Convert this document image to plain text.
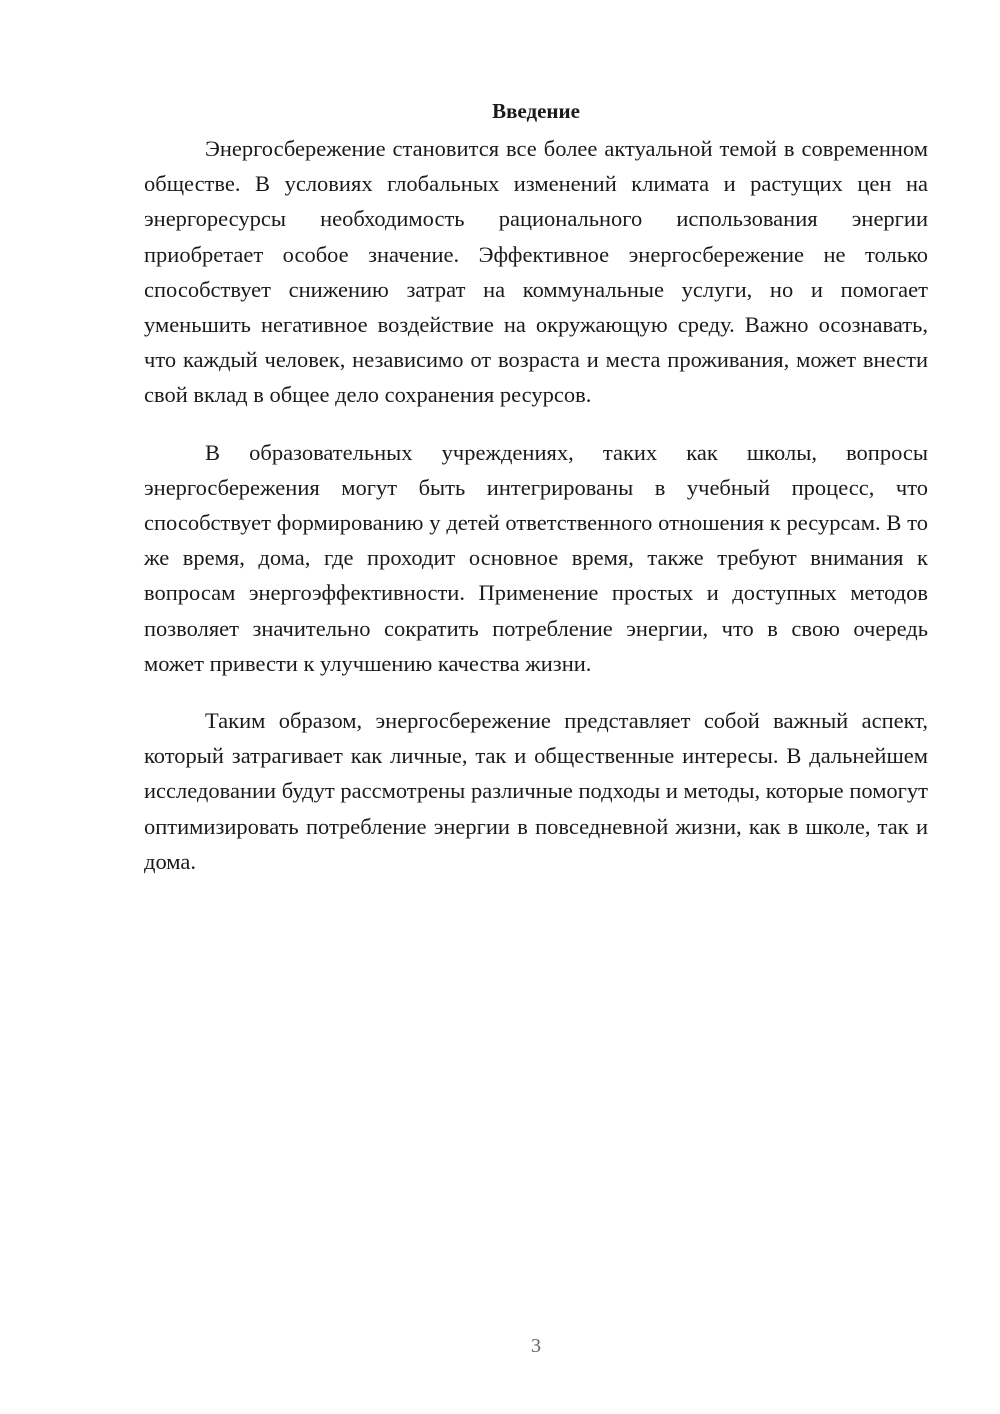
Введение

Энергосбережение становится все более актуальной темой в современном обществе. В условиях глобальных изменений климата и растущих цен на энергоресурсы необходимость рационального использования энергии приобретает особое значение. Эффективное энергосбережение не только способствует снижению затрат на коммунальные услуги, но и помогает уменьшить негативное воздействие на окружающую среду. Важно осознавать, что каждый человек, независимо от возраста и места проживания, может внести свой вклад в общее дело сохранения ресурсов.

В образовательных учреждениях, таких как школы, вопросы энергосбережения могут быть интегрированы в учебный процесс, что способствует формированию у детей ответственного отношения к ресурсам. В то же время, дома, где проходит основное время, также требуют внимания к вопросам энергоэффективности. Применение простых и доступных методов позволяет значительно сократить потребление энергии, что в свою очередь может привести к улучшению качества жизни.

Таким образом, энергосбережение представляет собой важный аспект, который затрагивает как личные, так и общественные интересы. В дальнейшем исследовании будут рассмотрены различные подходы и методы, которые помогут оптимизировать потребление энергии в повседневной жизни, как в школе, так и дома.

3
